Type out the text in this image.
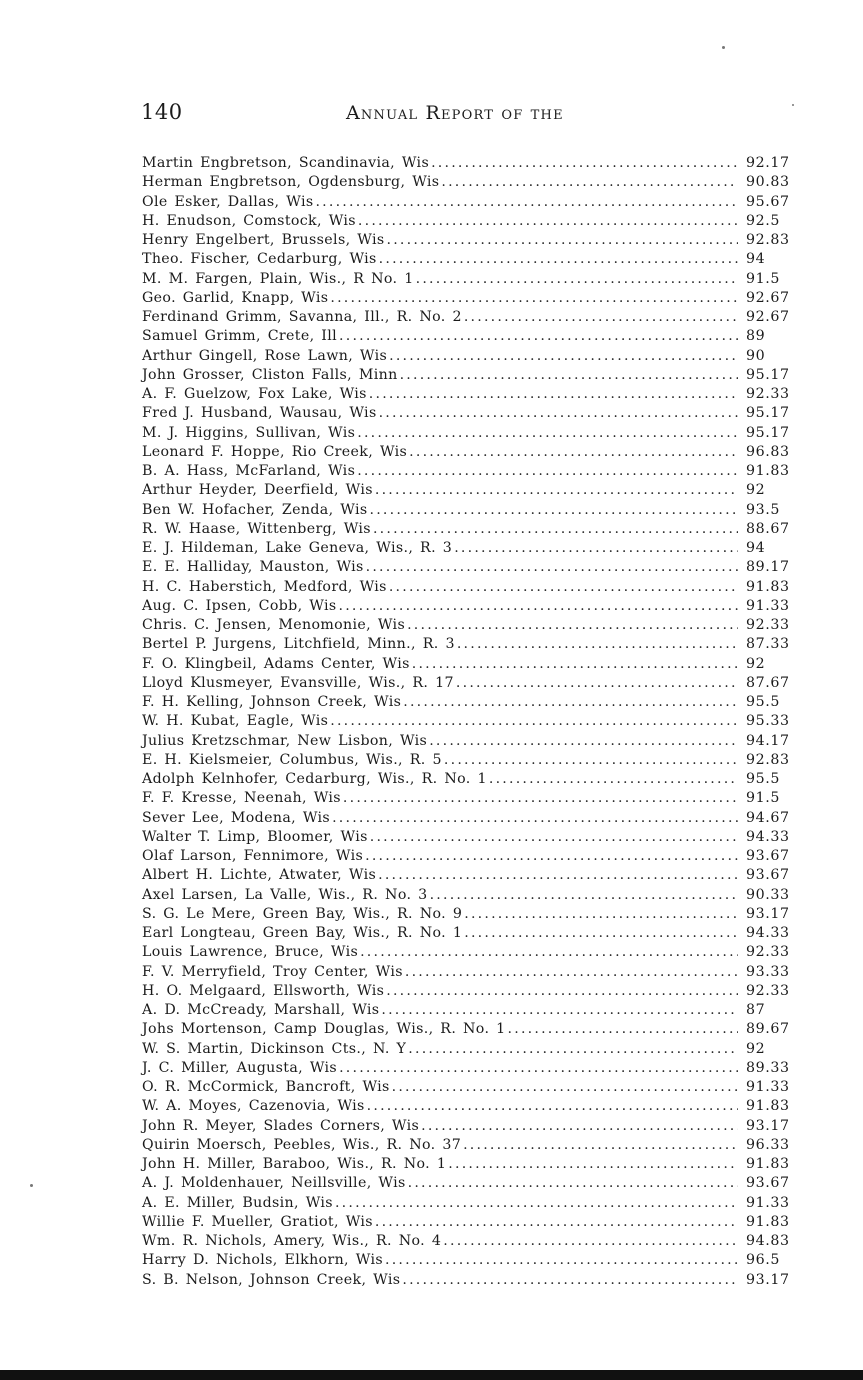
140	Annual Report of the
Martin Engbretson, Scandinavia, Wis .....	92.17
Herman Engbretson, Ogdensburg, Wis .....	90.83
Ole Esker, Dallas, Wis .....	95.67
H. Enudson, Comstock, Wis .....	92.5
Henry Engelbert, Brussels, Wis .....	92.83
Theo. Fischer, Cedarburg, Wis .....	94
M. M. Fargen, Plain, Wis., R No. 1 .....	91.5
Geo. Garlid, Knapp, Wis .....	92.67
Ferdinand Grimm, Savanna, Ill., R. No. 2 .....	92.67
Samuel Grimm, Crete, Ill .....	89
Arthur Gingell, Rose Lawn, Wis .....	90
John Grosser, Cliston Falls, Minn .....	95.17
A. F. Guelzow, Fox Lake, Wis .....	92.33
Fred J. Husband, Wausau, Wis .....	95.17
M. J. Higgins, Sullivan, Wis .....	95.17
Leonard F. Hoppe, Rio Creek, Wis .....	96.83
B. A. Hass, McFarland, Wis .....	91.83
Arthur Heyder, Deerfield, Wis .....	92
Ben W. Hofacher, Zenda, Wis .....	93.5
R. W. Haase, Wittenberg, Wis .....	88.67
E. J. Hildeman, Lake Geneva, Wis., R. 3 .....	94
E. E. Halliday, Mauston, Wis .....	89.17
H. C. Haberstich, Medford, Wis .....	91.83
Aug. C. Ipsen, Cobb, Wis .....	91.33
Chris. C. Jensen, Menomonie, Wis .....	92.33
Bertel P. Jurgens, Litchfield, Minn., R. 3 .....	87.33
F. O. Klingbeil, Adams Center, Wis .....	92
Lloyd Klusmeyer, Evansville, Wis., R. 17 .....	87.67
F. H. Kelling, Johnson Creek, Wis .....	95.5
W. H. Kubat, Eagle, Wis .....	95.33
Julius Kretzschmar, New Lisbon, Wis .....	94.17
E. H. Kielsmeier, Columbus, Wis., R. 5 .....	92.83
Adolph Kelnhofer, Cedarburg, Wis., R. No. 1 .....	95.5
F. F. Kresse, Neenah, Wis .....	91.5
Sever Lee, Modena, Wis .....	94.67
Walter T. Limp, Bloomer, Wis .....	94.33
Olaf Larson, Fennimore, Wis .....	93.67
Albert H. Lichte, Atwater, Wis .....	93.67
Axel Larsen, La Valle, Wis., R. No. 3 .....	90.33
S. G. Le Mere, Green Bay, Wis., R. No. 9 .....	93.17
Earl Longteau, Green Bay, Wis., R. No. 1 .....	94.33
Louis Lawrence, Bruce, Wis .....	92.33
F. V. Merryfield, Troy Center, Wis .....	93.33
H. O. Melgaard, Ellsworth, Wis .....	92.33
A. D. McCready, Marshall, Wis .....	87
Johs Mortenson, Camp Douglas, Wis., R. No. 1 .....	89.67
W. S. Martin, Dickinson Cts., N. Y .....	92
J. C. Miller, Augusta, Wis .....	89.33
O. R. McCormick, Bancroft, Wis .....	91.33
W. A. Moyes, Cazenovia, Wis .....	91.83
John R. Meyer, Slades Corners, Wis .....	93.17
Quirin Moersch, Peebles, Wis., R. No. 37 .....	96.33
John H. Miller, Baraboo, Wis., R. No. 1 .....	91.83
A. J. Moldenhauer, Neillsville, Wis .....	93.67
A. E. Miller, Budsin, Wis .....	91.33
Willie F. Mueller, Gratiot, Wis .....	91.83
Wm. R. Nichols, Amery, Wis., R. No. 4 .....	94.83
Harry D. Nichols, Elkhorn, Wis .....	96.5
S. B. Nelson, Johnson Creek, Wis .....	93.17
